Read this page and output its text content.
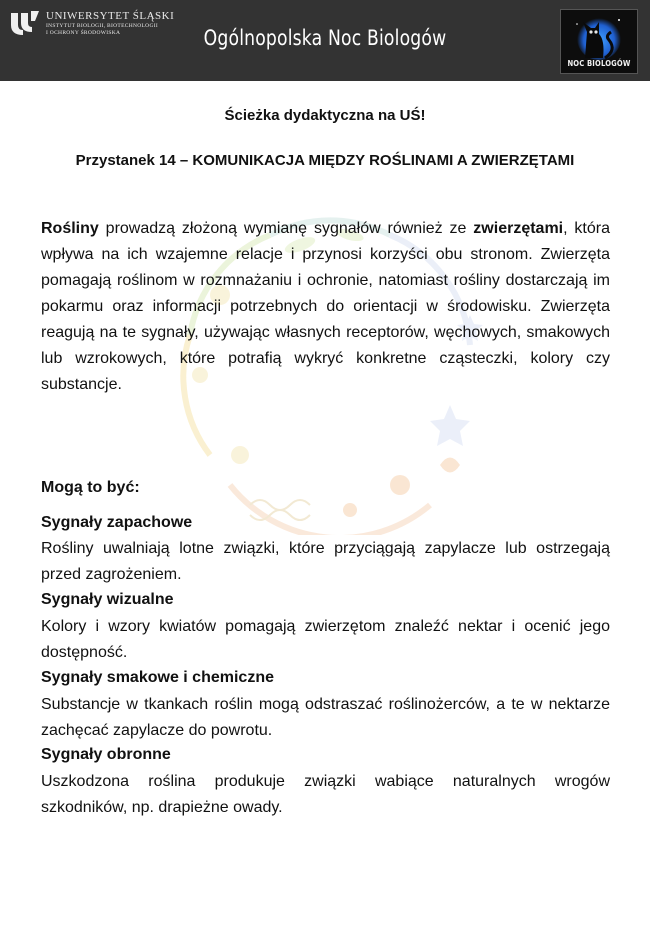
UNIWERSYTET ŚLĄSKI
INSTYTUT BIOLOGII, BIOTECHNOLOGII
I OCHRONY ŚRODOWISKA	Ogólnopolska Noc Biologów
NOC BIOLOGÓW
Ścieżka dydaktyczna na UŚ!
Przystanek 14 – KOMUNIKACJA MIĘDZY ROŚLINAMI A ZWIERZĘTAMI

Rośliny prowadzą złożoną wymianę sygnałów również ze zwierzętami, która wpływa na ich wzajemne relacje i przynosi korzyści obu stronom. Zwierzęta pomagają roślinom w rozmnażaniu i ochronie, natomiast rośliny dostarczają im pokarmu oraz informacji potrzebnych do orientacji w środowisku. Zwierzęta reagują na te sygnały, używając własnych receptorów, węchowych, smakowych lub wzrokowych, które potrafią wykryć konkretne cząsteczki, kolory czy substancje.

Mogą to być:

Sygnały zapachowe

Rośliny uwalniają lotne związki, które przyciągają zapylacze lub ostrzegają przed zagrożeniem.

Sygnały wizualne

Kolory i wzory kwiatów pomagają zwierzętom znaleźć nektar i ocenić jego dostępność.

Sygnały smakowe i chemiczne

Substancje w tkankach roślin mogą odstraszać roślinożerców, a te w nektarze zachęcać zapylacze do powrotu.

Sygnały obronne

Uszkodzona roślina produkuje związki wabiące naturalnych wrogów szkodników, np. drapieżne owady.
